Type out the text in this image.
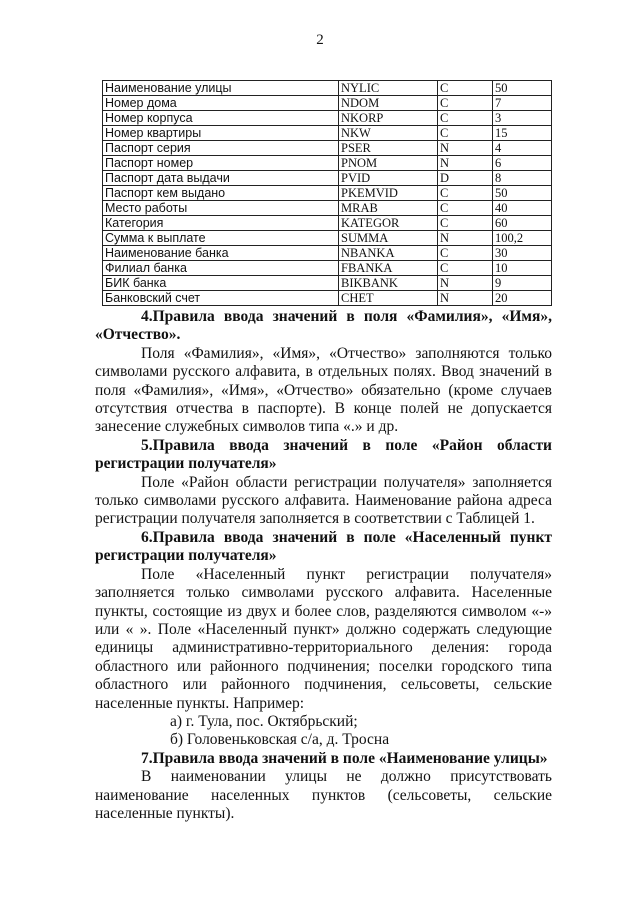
2
Наименование улицы	NYLIC	C	50
Номер дома	NDOM	C	7
Номер корпуса	NKORP	C	3
Номер квартиры	NKW	C	15
Паспорт серия	PSER	N	4
Паспорт номер	PNOM	N	6
Паспорт дата выдачи	PVID	D	8
Паспорт кем выдано	PKEMVID	C	50
Место работы	MRAB	C	40
Категория	KATEGOR	C	60
Сумма к выплате	SUMMA	N	100,2
Наименование банка	NBANKA	C	30
Филиал банка	FBANKA	C	10
БИК банка	BIKBANK	N	9
Банковский счет	CHET	N	20
4.Правила ввода значений в поля «Фамилия», «Имя», «Отчество».

Поля «Фамилия», «Имя», «Отчество» заполняются только символами русского алфавита, в отдельных полях. Ввод значений в поля «Фамилия», «Имя», «Отчество» обязательно (кроме случаев отсутствия отчества в паспорте). В конце полей не допускается занесение служебных символов типа «.» и др.

5.Правила ввода значений в поле «Район области регистрации получателя»

Поле «Район области регистрации получателя» заполняется только символами русского алфавита. Наименование района адреса регистрации получателя заполняется в соответствии с Таблицей 1.

6.Правила ввода значений в поле «Населенный пункт регистрации получателя»

Поле «Населенный пункт регистрации получателя» заполняется только символами русского алфавита. Населенные пункты, состоящие из двух и более слов, разделяются символом «-» или « ». Поле «Населенный пункт» должно содержать следующие единицы административно-территориального деления: города областного или районного подчинения; поселки городского типа областного или районного подчинения, сельсоветы, сельские населенные пункты. Например:

а) г. Тула, пос. Октябрьский;

б) Головеньковская с/а, д. Тросна

7.Правила ввода значений в поле «Наименование улицы»

В наименовании улицы не должно присутствовать наименование населенных пунктов (сельсоветы, сельские населенные пункты).
